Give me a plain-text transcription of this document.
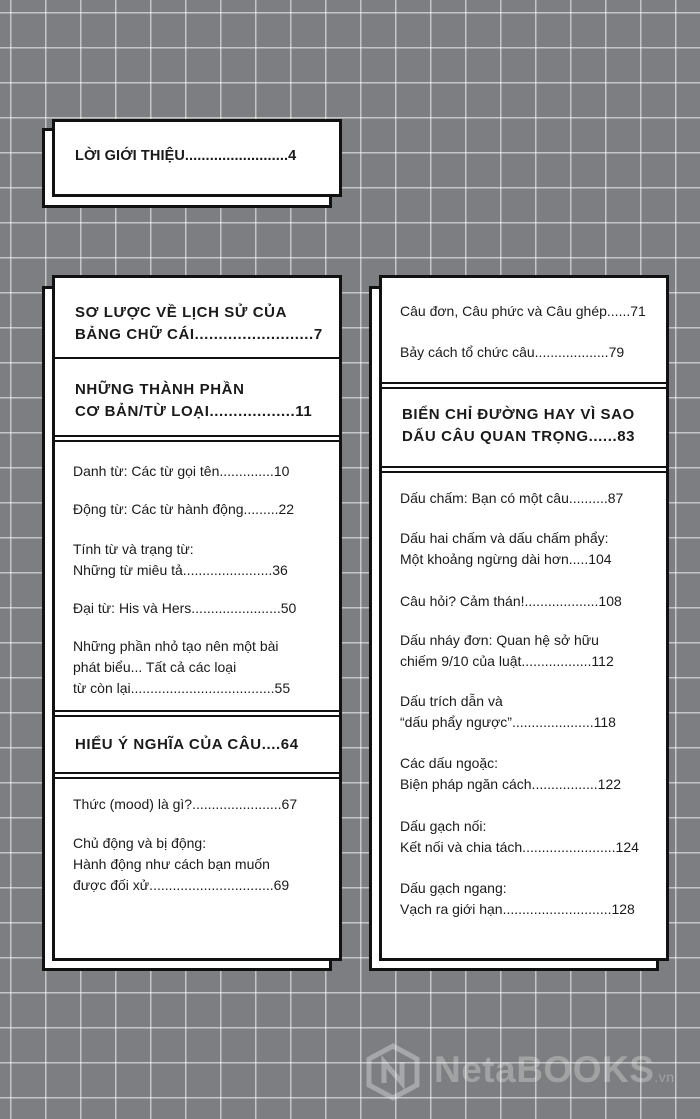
LỜI GIỚI THIỆU.........................4
SƠ LƯỢC VỀ LỊCH SỬ CỦA
BẢNG CHỮ CÁI.........................7
NHỮNG THÀNH PHẦN
CƠ BẢN/TỪ LOẠI..................11
Danh từ: Các từ gọi tên..............10
Động từ: Các từ hành động.........22
Tính từ và trạng từ:
Những từ miêu tả.......................36
Đại từ: His và Hers.......................50
Những phần nhỏ tạo nên một bài
phát biểu... Tất cả các loại
từ còn lại.....................................55
HIỂU Ý NGHĨA CỦA CÂU....64
Thức (mood) là gì?.......................67
Chủ động và bị động:
Hành động như cách bạn muốn
được đối xử................................69
Câu đơn, Câu phức và Câu ghép......71
Bảy cách tổ chức câu...................79
BIỂN CHỈ ĐƯỜNG HAY VÌ SAO
DẤU CÂU QUAN TRỌNG......83
Dấu chấm: Bạn có một câu..........87
Dấu hai chấm và dấu chấm phẩy:
Một khoảng ngừng dài hơn.....104
Câu hỏi? Cảm thán!...................108
Dấu nháy đơn: Quan hệ sở hữu
chiếm 9/10 của luật..................112
Dấu trích dẫn và
“dấu phẩy ngược”.....................118
Các dấu ngoặc:
Biện pháp ngăn cách.................122
Dấu gạch nối:
Kết nối và chia tách........................124
Dấu gạch ngang:
Vạch ra giới hạn............................128
NetaBOOKS.vn
